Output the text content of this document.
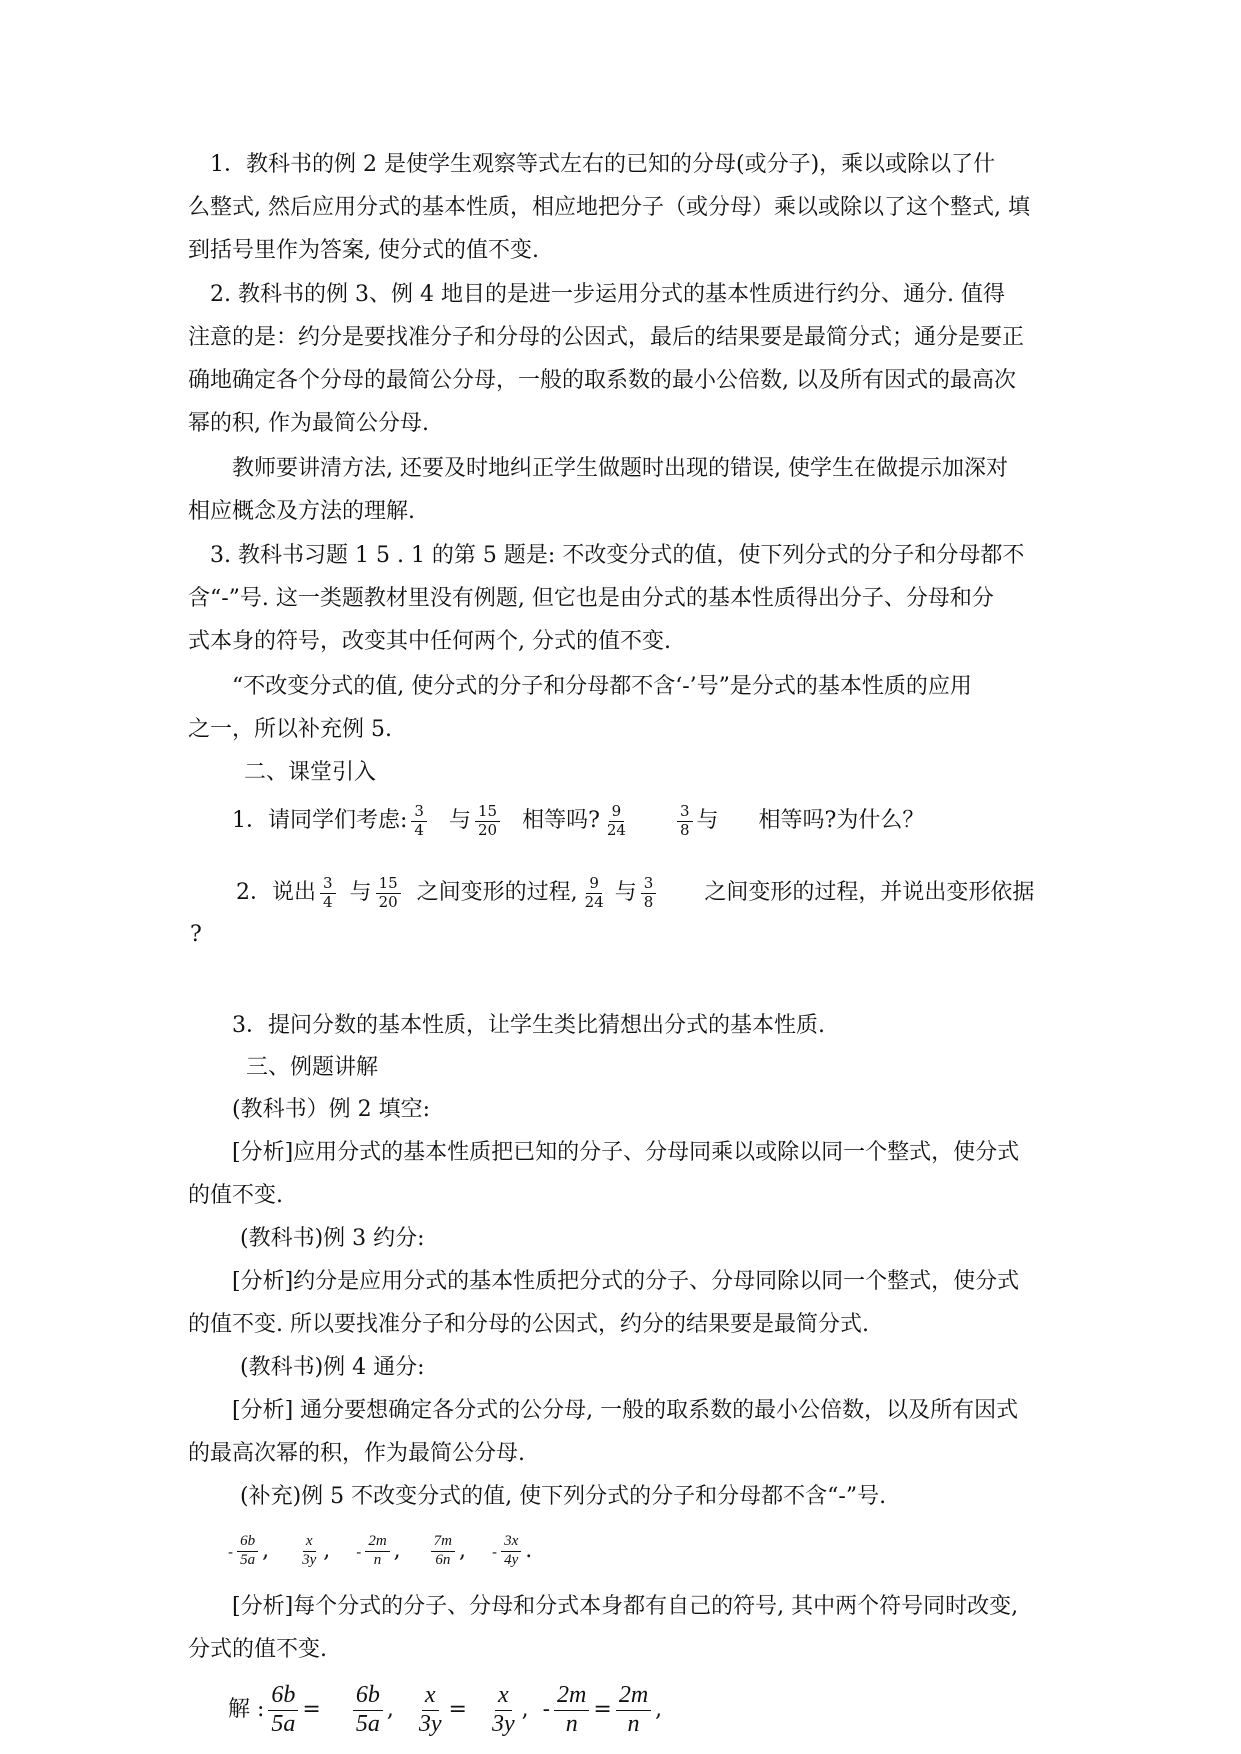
1．教科书的例 2 是使学生观察等式左右的已知的分母(或分子)，乘以或除以了什
么整式, 然后应用分式的基本性质，相应地把分子（或分母）乘以或除以了这个整式, 填
到括号里作为答案, 使分式的值不变.
2. 教科书的例 3、例 4 地目的是进一步运用分式的基本性质进行约分、通分. 值得
注意的是：约分是要找准分子和分母的公因式，最后的结果要是最简分式；通分是要正
确地确定各个分母的最简公分母，一般的取系数的最小公倍数, 以及所有因式的最高次
幂的积, 作为最简公分母.
教师要讲清方法, 还要及时地纠正学生做题时出现的错误, 使学生在做提示加深对
相应概念及方法的理解.
3. 教科书习题 1 5 . 1 的第 5 题是: 不改变分式的值，使下列分式的分子和分母都不
含“-”号. 这一类题教材里没有例题, 但它也是由分式的基本性质得出分子、分母和分
式本身的符号，改变其中任何两个, 分式的值不变.
“不改变分式的值, 使分式的分子和分母都不含‘-’号”是分式的基本性质的应用
之一，所以补充例 5.
二、课堂引入
1．请同学们考虑: $\frac{3}{4}$ 与 $\frac{15}{20}$ 相等吗? $\frac{9}{24}$	$\frac{3}{8}$ 与 相等吗?为什么？
2．说出 $\frac{3}{4}$ 与 $\frac{15}{20}$ 之间变形的过程, $\frac{9}{24}$ 与 $\frac{3}{8}$ 之间变形的过程，并说出变形依据
?
3．提问分数的基本性质，让学生类比猜想出分式的基本性质.
三、例题讲解
(教科书）例 2 填空:
[分析]应用分式的基本性质把已知的分子、分母同乘以或除以同一个整式，使分式
的值不变.
(教科书)例 3 约分:
[分析]约分是应用分式的基本性质把分式的分子、分母同除以同一个整式，使分式
的值不变. 所以要找准分子和分母的公因式，约分的结果要是最简分式.
(教科书)例 4 通分:
[分析] 通分要想确定各分式的公分母, 一般的取系数的最小公倍数，以及所有因式
的最高次幂的积，作为最简公分母.
(补充)例 5 不改变分式的值, 使下列分式的分子和分母都不含“-”号.
- $\frac{6b}{5a}$ , $\frac{x}{3y}$ , - $\frac{2m}{n}$ , $\frac{7m}{6n}$ , - $\frac{3x}{4y}$ .
[分析]每个分式的分子、分母和分式本身都有自己的符号, 其中两个符号同时改变,
分式的值不变.
解 : $\frac{6b}{5a} = \frac{6b}{5a}$ , $\frac{x}{3y} = \frac{x}{3y}$ , - $\frac{2m}{n} = \frac{2m}{n}$ ,
